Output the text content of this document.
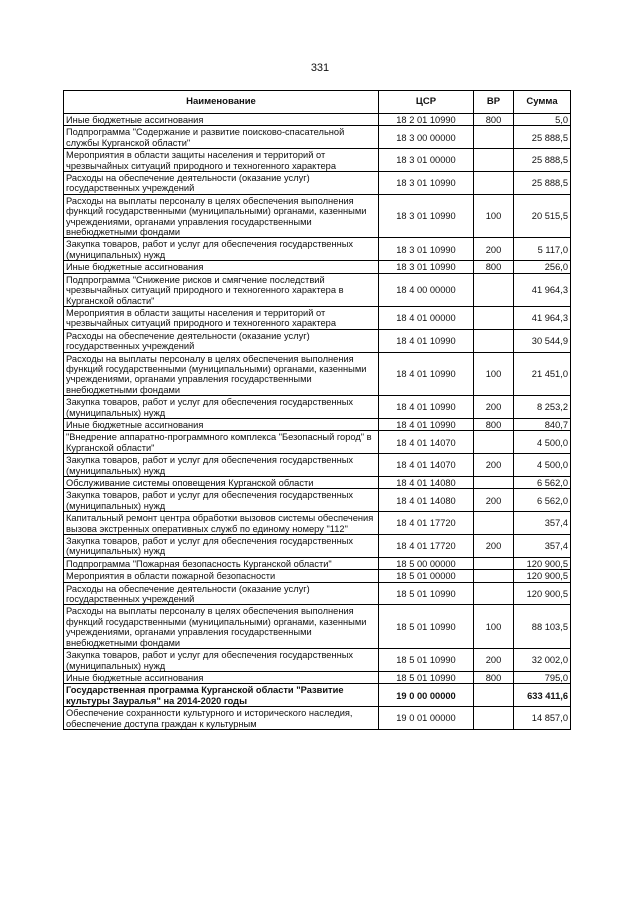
331
Наименование	ЦСР	ВР	Сумма
Иные бюджетные ассигнования	18 2 01 10990	800	5,0
Подпрограмма "Содержание и развитие поисково-спасательной службы Курганской области"	18 3 00 00000		25 888,5
Мероприятия в области защиты населения и территорий от чрезвычайных ситуаций природного и техногенного характера	18 3 01 00000		25 888,5
Расходы на обеспечение деятельности (оказание услуг) государственных учреждений	18 3 01 10990		25 888,5
Расходы на выплаты персоналу в целях обеспечения выполнения функций государственными (муниципальными) органами, казенными учреждениями, органами управления государственными внебюджетными фондами	18 3 01 10990	100	20 515,5
Закупка товаров, работ и услуг для обеспечения государственных (муниципальных) нужд	18 3 01 10990	200	5 117,0
Иные бюджетные ассигнования	18 3 01 10990	800	256,0
Подпрограмма "Снижение рисков и смягчение последствий чрезвычайных ситуаций природного и техногенного характера в Курганской области"	18 4 00 00000		41 964,3
Мероприятия в области защиты населения и территорий от чрезвычайных ситуаций природного и техногенного характера	18 4 01 00000		41 964,3
Расходы на обеспечение деятельности (оказание услуг) государственных учреждений	18 4 01 10990		30 544,9
Расходы на выплаты персоналу в целях обеспечения выполнения функций государственными (муниципальными) органами, казенными учреждениями, органами управления государственными внебюджетными фондами	18 4 01 10990	100	21 451,0
Закупка товаров, работ и услуг для обеспечения государственных (муниципальных) нужд	18 4 01 10990	200	8 253,2
Иные бюджетные ассигнования	18 4 01 10990	800	840,7
"Внедрение аппаратно-программного комплекса "Безопасный город" в Курганской области"	18 4 01 14070		4 500,0
Закупка товаров, работ и услуг для обеспечения государственных (муниципальных) нужд	18 4 01 14070	200	4 500,0
Обслуживание системы оповещения Курганской области	18 4 01 14080		6 562,0
Закупка товаров, работ и услуг для обеспечения государственных (муниципальных) нужд	18 4 01 14080	200	6 562,0
Капитальный ремонт центра обработки вызовов системы обеспечения вызова экстренных оперативных служб по единому номеру "112"	18 4 01 17720		357,4
Закупка товаров, работ и услуг для обеспечения государственных (муниципальных) нужд	18 4 01 17720	200	357,4
Подпрограмма "Пожарная безопасность Курганской области"	18 5 00 00000		120 900,5
Мероприятия в области пожарной безопасности	18 5 01 00000		120 900,5
Расходы на обеспечение деятельности (оказание услуг) государственных учреждений	18 5 01 10990		120 900,5
Расходы на выплаты персоналу в целях обеспечения выполнения функций государственными (муниципальными) органами, казенными учреждениями, органами управления государственными внебюджетными фондами	18 5 01 10990	100	88 103,5
Закупка товаров, работ и услуг для обеспечения государственных (муниципальных) нужд	18 5 01 10990	200	32 002,0
Иные бюджетные ассигнования	18 5 01 10990	800	795,0
Государственная программа Курганской области "Развитие культуры Зауралья" на 2014-2020 годы	19 0 00 00000		633 411,6
Обеспечение сохранности культурного и исторического наследия, обеспечение доступа граждан к культурным	19 0 01 00000		14 857,0
